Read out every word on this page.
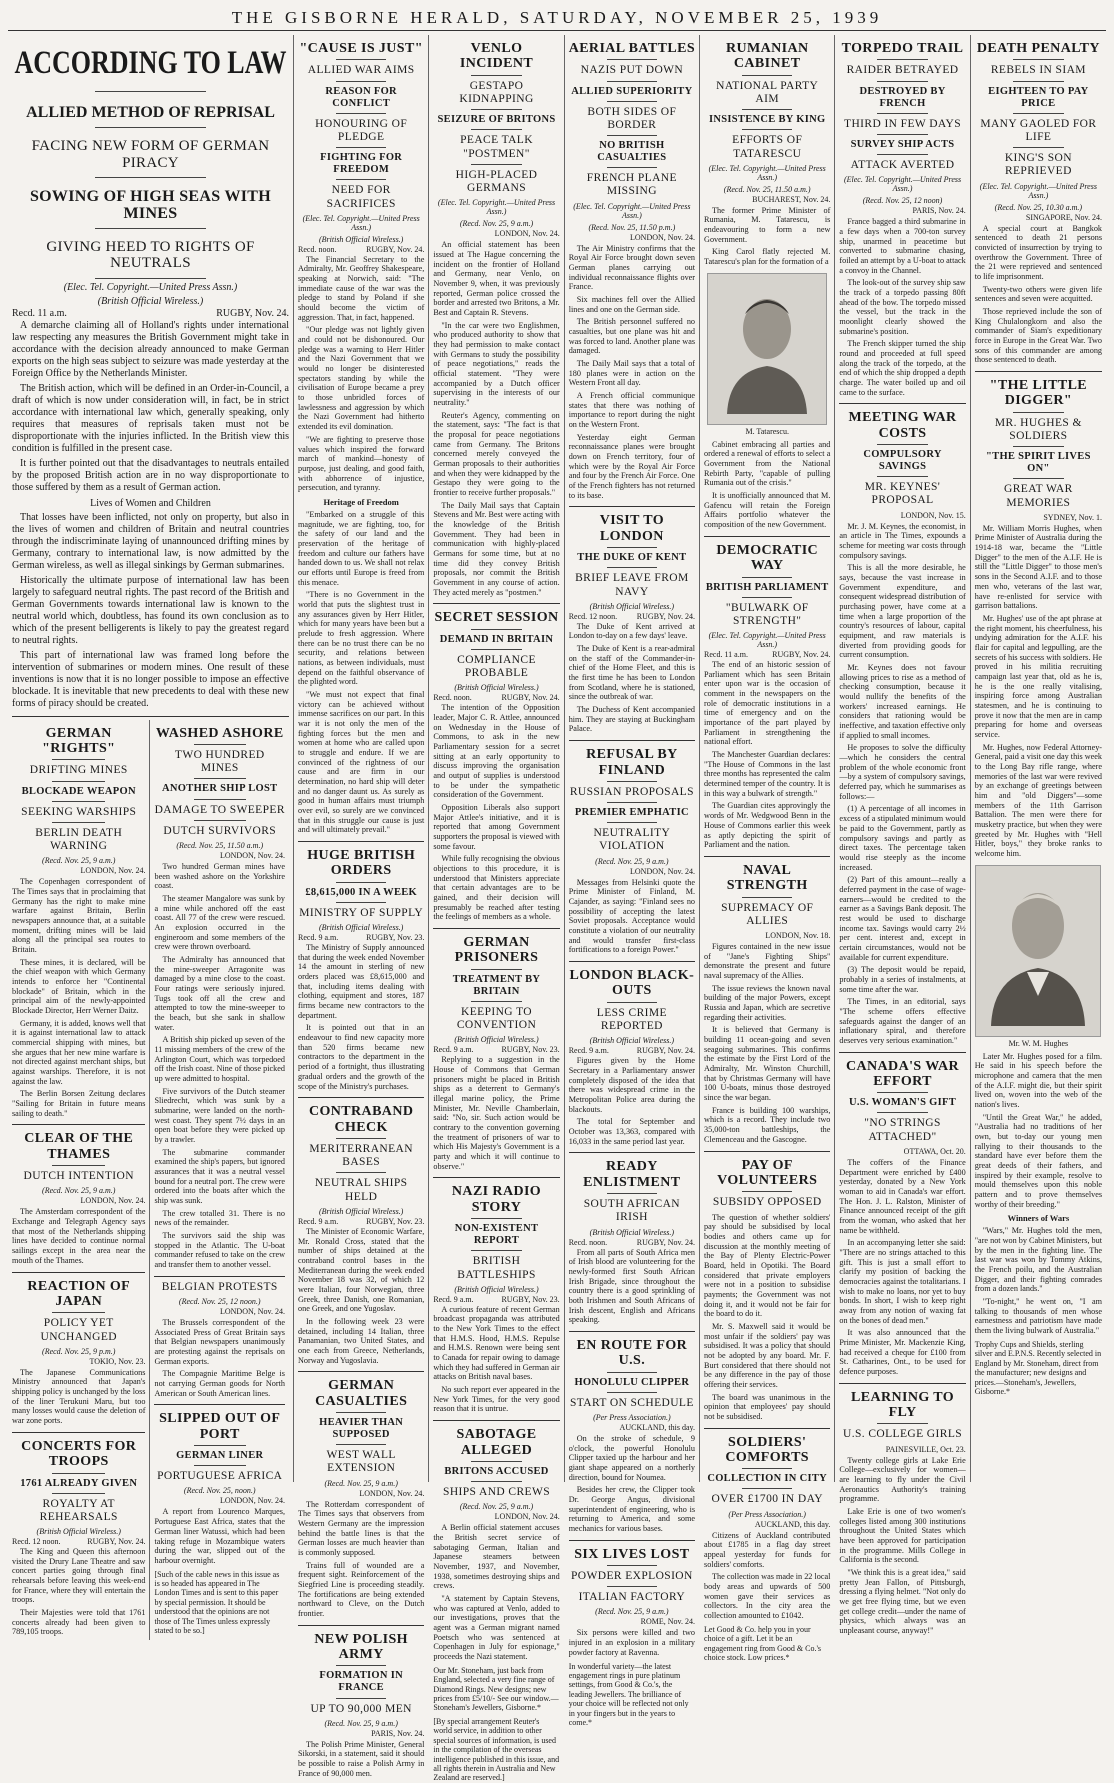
THE GISBORNE HERALD, SATURDAY, NOVEMBER 25, 1939
ACCORDING TO LAW
ALLIED METHOD OF REPRISAL
FACING NEW FORM OF GERMAN PIRACY
SOWING OF HIGH SEAS WITH MINES
GIVING HEED TO RIGHTS OF NEUTRALS
(Elec. Tel. Copyright.—United Press Assn.)
(British Official Wireless.)
Recd. 11 a.m.	RUGBY, Nov. 24.

A demarche claiming all of Holland's rights under international law respecting any measures the British Government might take in accordance with the decision already announced to make German exports on the high seas subject to seizure was made yesterday at the Foreign Office by the Netherlands Minister.

The British action, which will be defined in an Order-in-Council, a draft of which is now under consideration will, in fact, be in strict accordance with international law which, generally speaking, only requires that measures of reprisals taken must not be disproportionate with the injuries inflicted. In the British view this condition is fulfilled in the present case.

It is further pointed out that the disadvantages to neutrals entailed by the proposed British action are in no way disproportionate to those suffered by them as a result of German action.

Lives of Women and Children

That losses have been inflicted, not only on property, but also in the lives of women and children of Britain and neutral countries through the indiscriminate laying of unannounced drifting mines by Germany, contrary to international law, is now admitted by the German wireless, as well as illegal sinkings by German submarines.

Historically the ultimate purpose of international law has been largely to safeguard neutral rights. The past record of the British and German Governments towards international law is known to the neutral world which, doubtless, has found its own conclusion as to which of the present belligerents is likely to pay the greatest regard to neutral rights.

This part of international law was framed long before the intervention of submarines or modern mines. One result of these inventions is now that it is no longer possible to impose an effective blockade. It is inevitable that new precedents to deal with these new forms of piracy should be created.

GERMAN "RIGHTS"
DRIFTING MINES
BLOCKADE WEAPON
SEEKING WARSHIPS
BERLIN DEATH WARNING
(Recd. Nov. 25, 9 a.m.)
LONDON, Nov. 24.

The Copenhagen correspondent of The Times says that in proclaiming that Germany has the right to make mine warfare against Britain, Berlin newspapers announce that, at a suitable moment, drifting mines will be laid along all the principal sea routes to Britain.

These mines, it is declared, will be the chief weapon with which Germany intends to enforce her "Continental blockade" of Britain, which in the principal aim of the newly-appointed Blockade Director, Herr Werner Daitz.

Germany, it is added, knows well that it is against international law to attack commercial shipping with mines, but she argues that her new mine warfare is not directed against merchant ships, but against warships. Therefore, it is not against the law.

The Berlin Borsen Zeitung declares "Sailing for Britain in future means sailing to death."

CLEAR OF THE THAMES
DUTCH INTENTION
(Recd. Nov. 25, 9 a.m.)
LONDON, Nov. 24.

The Amsterdam correspondent of the Exchange and Telegraph Agency says that most of the Netherlands shipping lines have decided to continue normal sailings except in the area near the mouth of the Thames.

REACTION OF JAPAN
POLICY YET UNCHANGED
(Recd. Nov. 25, 9 p.m.)
TOKIO, Nov. 23.

The Japanese Communications Ministry announced that Japan's shipping policy is unchanged by the loss of the liner Terukuni Maru, but too many losses would cause the deletion of war zone ports.

CONCERTS FOR TROOPS
1761 ALREADY GIVEN
ROYALTY AT REHEARSALS
(British Official Wireless.)
Recd. 12 noon.	RUGBY, Nov. 24.

The King and Queen this afternoon visited the Drury Lane Theatre and saw concert parties going through final rehearsals before leaving this week-end for France, where they will entertain the troops.

Their Majesties were told that 1761 concerts already had been given to 789,105 troops.

WASHED ASHORE
TWO HUNDRED MINES
ANOTHER SHIP LOST
DAMAGE TO SWEEPER
DUTCH SURVIVORS
(Recd. Nov. 25, 11.50 a.m.)
LONDON, Nov. 24.

Two hundred German mines have been washed ashore on the Yorkshire coast.

The steamer Mangalore was sunk by a mine while anchored off the east coast. All 77 of the crew were rescued. An explosion occurred in the engineroom and some members of the crew were thrown overboard.

The Admiralty has announced that the mine-sweeper Arragonite was damaged by a mine close to the coast. Four ratings were seriously injured. Tugs took off all the crew and attempted to tow the mine-sweeper to the beach, but she sank in shallow water.

A British ship picked up seven of the 11 missing members of the crew of the Arlington Court, which was torpedoed off the Irish coast. Nine of those picked up were admitted to hospital.

Five survivors of the Dutch steamer Sliedrecht, which was sunk by a submarine, were landed on the north-west coast. They spent 7½ days in an open boat before they were picked up by a trawler.

The submarine commander examined the ship's papers, but ignored assurances that it was a neutral vessel bound for a neutral port. The crew were ordered into the boats after which the ship was sunk.

The crew totalled 31. There is no news of the remainder.

The survivors said the ship was stopped in the Atlantic. The U-boat commander refused to take on the crew and transfer them to another vessel.

BELGIAN PROTESTS
(Recd. Nov. 25, 12 noon.)
LONDON, Nov. 24.

The Brussels correspondent of the Associated Press of Great Britain says that Belgian newspapers unanimously are protesting against the reprisals on German exports.

The Compagnie Maritime Belge is not carrying German goods for North American or South American lines.

SLIPPED OUT OF PORT
GERMAN LINER
PORTUGUESE AFRICA
(Recd. Nov. 25, noon.)
LONDON, Nov. 24.

A report from Lourenco Marques, Portuguese East Africa, states that the German liner Watussi, which had been taking refuge in Mozambique waters during the war, slipped out of the harbour overnight.

[Such of the cable news in this issue as is so headed has appeared in The London Times and is sent to this paper by special permission. It should be understood that the opinions are not those of The Times unless expressly stated to be so.]
"CAUSE IS JUST"
ALLIED WAR AIMS
REASON FOR CONFLICT
HONOURING OF PLEDGE
FIGHTING FOR FREEDOM
NEED FOR SACRIFICES
(Elec. Tel. Copyright.—United Press Assn.)
(British Official Wireless.)
Recd. noon.	RUGBY, Nov. 24.

The Financial Secretary to the Admiralty, Mr. Geoffrey Shakespeare, speaking at Norwich, said: "The immediate cause of the war was the pledge to stand by Poland if she should become the victim of aggression. That, in fact, happened.

"Our pledge was not lightly given and could not be dishonoured. Our pledge was a warning to Herr Hitler and the Nazi Government that we would no longer be disinterested spectators standing by while the civilisation of Europe became a prey to those unbridled forces of lawlessness and aggression by which the Nazi Government had hitherto extended its evil domination.

"We are fighting to preserve those values which inspired the forward march of mankind—honesty of purpose, just dealing, and good faith, with abhorrence of injustice, persecution, and tyranny.

Heritage of Freedom

"Embarked on a struggle of this magnitude, we are fighting, too, for the safety of our land and the preservation of the heritage of freedom and culture our fathers have handed down to us. We shall not relax our efforts until Europe is freed from this menace.

"There is no Government in the world that puts the slightest trust in any assurances given by Herr Hitler, which for many years have been but a prelude to fresh aggression. Where there can be no trust there can be no security, and relations between nations, as between individuals, must depend on the faithful observance of the plighted word.

"We must not expect that final victory can be achieved without immense sacrifices on our part. In this war it is not only the men of the fighting forces but the men and women at home who are called upon to struggle and endure. If we are convinced of the rightness of our cause and are firm in our determination, no hard ship will deter and no danger daunt us. As surely as good in human affairs must triumph over evil, so surely are we convinced that in this struggle our cause is just and will ultimately prevail."

HUGE BRITISH ORDERS
£8,615,000 IN A WEEK
MINISTRY OF SUPPLY
(British Official Wireless.)
Recd. 9 a.m.	RUGBY, Nov. 23.

The Ministry of Supply announced that during the week ended November 14 the amount in sterling of new orders placed was £8,615,000 and that, including items dealing with clothing, equipment and stores, 187 firms became new contractors to the department.

It is pointed out that in an endeavour to find new capacity more than 520 firms became new contractors to the department in the period of a fortnight, thus illustrating gradual orders and the growth of the scope of the Ministry's purchases.

CONTRABAND CHECK
MERITERRANEAN BASES
NEUTRAL SHIPS HELD
(British Official Wireless.)
Recd. 9 a.m.	RUGBY, Nov. 23.

The Minister of Economic Warfare, Mr. Ronald Cross, stated that the number of ships detained at the contraband control bases in the Mediterranean during the week ended November 18 was 32, of which 12 were Italian, four Norwegian, three Greek, three Danish, one Romanian, one Greek, and one Yugoslav.

In the following week 23 were detained, including 14 Italian, three Panamanian, two United States, and one each from Greece, Netherlands, Norway and Yugoslavia.

GERMAN CASUALTIES
HEAVIER THAN SUPPOSED
WEST WALL EXTENSION
(Recd. Nov. 25, 9 a.m.)
LONDON, Nov. 24.

The Rotterdam correspondent of The Times says that observers from Western Germany are the impression behind the battle lines is that the German losses are much heavier than is commonly supposed.

Trains full of wounded are a frequent sight. Reinforcement of the Siegfried Line is proceeding steadily. The fortifications are being extended northward to Cleve, on the Dutch frontier.

NEW POLISH ARMY
FORMATION IN FRANCE
UP TO 90,000 MEN
(Recd. Nov. 25, 9 a.m.)
PARIS, Nov. 24.

The Polish Prime Minister, General Sikorski, in a statement, said it should be possible to raise a Polish Army in France of 90,000 men.

VENLO INCIDENT
GESTAPO KIDNAPPING
SEIZURE OF BRITONS
PEACE TALK "POSTMEN"
HIGH-PLACED GERMANS
(Elec. Tel. Copyright.—United Press Assn.)
(Recd. Nov. 25, 9 a.m.)
LONDON, Nov. 24.

An official statement has been issued at The Hague concerning the incident on the frontier of Holland and Germany, near Venlo, on November 9, when, it was previously reported, German police crossed the border and arrested two Britons, a Mr. Best and Captain R. Stevens.

"In the car were two Englishmen, who produced authority to show that they had permission to make contact with Germans to study the possibility of peace negotiations," reads the official statement. "They were accompanied by a Dutch officer supervising in the interests of our neutrality."

Reuter's Agency, commenting on the statement, says: "The fact is that the proposal for peace negotiations came from Germany. The Britons concerned merely conveyed the German proposals to their authorities and when they were kidnapped by the Gestapo they were going to the frontier to receive further proposals."

The Daily Mail says that Captain Stevens and Mr. Best were acting with the knowledge of the British Government. They had been in communication with highly-placed Germans for some time, but at no time did they convey British proposals, nor commit the British Government in any course of action. They acted merely as "postmen."

SECRET SESSION
DEMAND IN BRITAIN
COMPLIANCE PROBABLE
(British Official Wireless.)
Recd. noon.	RUGBY, Nov. 24.

The intention of the Opposition leader, Major C. R. Attlee, announced on Wednesday in the House of Commons, to ask in the new Parliamentary session for a secret sitting at an early opportunity to discuss improving the organisation and output of supplies is understood to be under the sympathetic consideration of the Government.

Opposition Liberals also support Major Attlee's initiative, and it is reported that among Government supporters the proposal is viewed with some favour.

While fully recognising the obvious objections to this procedure, it is understood that Ministers appreciate that certain advantages are to be gained, and their decision will presumably be reached after testing the feelings of members as a whole.

GERMAN PRISONERS
TREATMENT BY BRITAIN
KEEPING TO CONVENTION
(British Official Wireless.)
Recd. 9 a.m.	RUGBY, Nov. 23.

Replying to a suggestion in the House of Commons that German prisoners might be placed in British ships as a deterrent to Germany's illegal marine policy, the Prime Minister, Mr. Neville Chamberlain, said: "No, sir. Such action would be contrary to the convention governing the treatment of prisoners of war to which His Majesty's Government is a party and which it will continue to observe."

NAZI RADIO STORY
NON-EXISTENT REPORT
BRITISH BATTLESHIPS
(British Official Wireless.)
Recd. 9 a.m.	RUGBY, Nov. 23.

A curious feature of recent German broadcast propaganda was attributed to the New York Times to the effect that H.M.S. Hood, H.M.S. Repulse and H.M.S. Renown were being sent to Canada for repair owing to damage which they had suffered in German air attacks on British naval bases.

No such report ever appeared in the New York Times, for the very good reason that it is untrue.

SABOTAGE ALLEGED
BRITONS ACCUSED
SHIPS AND CREWS
(Recd. Nov. 25, 9 a.m.)
LONDON, Nov. 24.

A Berlin official statement accuses the British secret service of sabotaging German, Italian and Japanese steamers between November, 1937, and November, 1938, sometimes destroying ships and crews.

"A statement by Captain Stevens, who was captured at Venlo, added to our investigations, proves that the agent was a German migrant named Poetsch who was sentenced at Copenhagen in July for espionage," proceeds the Nazi statement.

Our Mr. Stoneham, just back from England, selected a very fine range of Diamond Rings. New designs; new prices from £5/10/- See our window.—Stoneham's Jewellers, Gisborne.*
[By special arrangement Reuter's world service, in addition to other special sources of information, is used in the compilation of the overseas intelligence published in this issue, and all rights therein in Australia and New Zealand are reserved.]
AERIAL BATTLES
NAZIS PUT DOWN
ALLIED SUPERIORITY
BOTH SIDES OF BORDER
NO BRITISH CASUALTIES
FRENCH PLANE MISSING
(Elec. Tel. Copyright.—United Press Assn.)
(Recd. Nov. 25, 11.50 p.m.)
LONDON, Nov. 24.

The Air Ministry confirms that the Royal Air Force brought down seven German planes carrying out individual reconnaissance flights over France.

Six machines fell over the Allied lines and one on the German side.

The British personnel suffered no casualties, but one plane was hit and was forced to land. Another plane was damaged.

The Daily Mail says that a total of 180 planes were in action on the Western Front all day.

A French official communique states that there was nothing of importance to report during the night on the Western Front.

Yesterday eight German reconnaissance planes were brought down on French territory, four of which were by the Royal Air Force and four by the French Air Force. One of the French fighters has not returned to its base.

VISIT TO LONDON
THE DUKE OF KENT
BRIEF LEAVE FROM NAVY
(British Official Wireless.)
Recd. 12 noon. RUGBY, Nov. 24.

The Duke of Kent arrived at London to-day on a few days' leave.

The Duke of Kent is a rear-admiral on the staff of the Commander-in-chief of the Home Fleet, and this is the first time he has been to London from Scotland, where he is stationed, since the outbreak of war.

The Duchess of Kent accompanied him. They are staying at Buckingham Palace.

REFUSAL BY FINLAND
RUSSIAN PROPOSALS
PREMIER EMPHATIC
NEUTRALITY VIOLATION
(Recd. Nov. 25, 9 a.m.)
LONDON, Nov. 24.

Messages from Helsinki quote the Prime Minister of Finland, M. Cajander, as saying: "Finland sees no possibility of accepting the latest Soviet proposals. Acceptance would constitute a violation of our neutrality and would transfer first-class fortifications to a foreign Power."

LONDON BLACK-OUTS
LESS CRIME REPORTED
(British Official Wireless.)
Recd. 9 a.m.	RUGBY, Nov. 24.

Figures given by the Home Secretary in a Parliamentary answer completely disposed of the idea that there was widespread crime in the Metropolitan Police area during the blackouts.

The total for September and October was 13,363, compared with 16,033 in the same period last year.

READY ENLISTMENT
SOUTH AFRICAN IRISH
(British Official Wireless.)
Recd. noon.	RUGBY, Nov. 24.

From all parts of South Africa men of Irish blood are volunteering for the newly-formed first South African Irish Brigade, since throughout the country there is a good sprinkling of both Irishmen and South Africans of Irish descent, English and Africans speaking.

EN ROUTE FOR U.S.
HONOLULU CLIPPER
START ON SCHEDULE
(Per Press Association.)
AUCKLAND, this day.

On the stroke of schedule, 9 o'clock, the powerful Honolulu Clipper taxied up the harbour and her giant shape appeared on a northerly direction, bound for Noumea.

Besides her crew, the Clipper took Dr. George Angus, divisional superintendent of engineering, who is returning to America, and some mechanics for various bases.

SIX LIVES LOST
POWDER EXPLOSION
ITALIAN FACTORY
(Recd. Nov. 25, 9 a.m.)
ROME, Nov. 24.

Six persons were killed and two injured in an explosion in a military powder factory at Ravenna.

In wonderful variety—the latest engagement rings in pure platinum settings, from Good & Co.'s, the leading Jewellers. The brilliance of your choice will be reflected not only in your fingers but in the years to come.*
RUMANIAN CABINET
NATIONAL PARTY AIM
INSISTENCE BY KING
EFFORTS OF TATARESCU
(Elec. Tel. Copyright.—United Press Assn.)
(Recd. Nov. 25, 11.50 a.m.)
BUCHAREST, Nov. 24.

The former Prime Minister of Rumania, M. Tatarescu, is endeavouring to form a new Government.

King Carol flatly rejected M. Tatarescu's plan for the formation of a

M. Tatarescu.

Cabinet embracing all parties and ordered a renewal of efforts to select a Government from the National Rebirth Party, "capable of pulling Rumania out of the crisis."

It is unofficially announced that M. Gafencu will retain the Foreign Affairs portfolio whatever the composition of the new Government.

DEMOCRATIC WAY
BRITISH PARLIAMENT
"BULWARK OF STRENGTH"
(Elec. Tel. Copyright.—United Press Assn.)
Recd. 11 a.m.	RUGBY, Nov. 24.

The end of an historic session of Parliament which has seen Britain enter upon war is the occasion of comment in the newspapers on the role of democratic institutions in a time of emergency and on the importance of the part played by Parliament in strengthening the national effort.

The Manchester Guardian declares: "The House of Commons in the last three months has represented the calm determined temper of the country. It is in this way a bulwark of strength."

The Guardian cites approvingly the words of Mr. Wedgwood Benn in the House of Commons earlier this week as aptly depicting the spirit of Parliament and the nation.

NAVAL STRENGTH
SUPREMACY OF ALLIES
LONDON, Nov. 18.

Figures contained in the new issue of "Jane's Fighting Ships" demonstrate the present and future naval supremacy of the Allies.

The issue reviews the known naval building of the major Powers, except Russia and Japan, which are secretive regarding their activities.

It is believed that Germany is building 11 ocean-going and seven seagoing submarines. This confirms the estimate by the First Lord of the Admiralty, Mr. Winston Churchill, that by Christmas Germany will have 100 U-boats, minus those destroyed since the war began.

France is building 100 warships, which is a record. They include two 35,000-ton battleships, the Clemenceau and the Gascogne.

PAY OF VOLUNTEERS
SUBSIDY OPPOSED

The question of whether soldiers' pay should be subsidised by local bodies and others came up for discussion at the monthly meeting of the Bay of Plenty Electric-Power Board, held in Opotiki. The Board considered that private employers were not in a position to subsidise payments; the Government was not doing it, and it would not be fair for the board to do it.

Mr. S. Maxwell said it would be most unfair if the soldiers' pay was subsidised. It was a policy that should not be adopted by any board. Mr. F. Burt considered that there should not be any difference in the pay of those offering their services.

The board was unanimous in the opinion that employees' pay should not be subsidised.

SOLDIERS' COMFORTS
COLLECTION IN CITY
OVER £1700 IN DAY
(Per Press Association.)
AUCKLAND, this day.

Citizens of Auckland contributed about £1785 in a flag day street appeal yesterday for funds for soldiers' comforts.

The collection was made in 22 local body areas and upwards of 500 women gave their services as collectors. In the city area the collection amounted to £1042.

Let Good & Co. help you in your choice of a gift. Let it be an engagement ring from Good & Co.'s choice stock. Low prices.*
TORPEDO TRAIL
RAIDER BETRAYED
DESTROYED BY FRENCH
THIRD IN FEW DAYS
SURVEY SHIP ACTS
ATTACK AVERTED
(Elec. Tel. Copyright.—United Press Assn.)
(Recd. Nov. 25, 12 noon)
PARIS, Nov. 24.

France bagged a third submarine in a few days when a 700-ton survey ship, unarmed in peacetime but converted to submarine chasing, foiled an attempt by a U-boat to attack a convoy in the Channel.

The look-out of the survey ship saw the track of a torpedo passing 80ft ahead of the bow. The torpedo missed the vessel, but the track in the moonlight clearly showed the submarine's position.

The French skipper turned the ship round and proceeded at full speed along the track of the torpedo, at the end of which the ship dropped a depth charge. The water boiled up and oil came to the surface.

MEETING WAR COSTS
COMPULSORY SAVINGS
MR. KEYNES' PROPOSAL
LONDON, Nov. 15.

Mr. J. M. Keynes, the economist, in an article in The Times, expounds a scheme for meeting war costs through compulsory savings.

This is all the more desirable, he says, because the vast increase in Government expenditure, and consequent widespread distribution of purchasing power, have come at a time when a large proportion of the country's resources of labour, capital equipment, and raw materials is diverted from providing goods for current consumption.

Mr. Keynes does not favour allowing prices to rise as a method of checking consumption, because it would nullify the benefits of the workers' increased earnings. He considers that rationing would be ineffective, and taxation effective only if applied to small incomes.

He proposes to solve the difficulty—which he considers the central problem of the whole economic front—by a system of compulsory savings, deferred pay, which he summarises as follows:—

(1) A percentage of all incomes in excess of a stipulated minimum would be paid to the Government, partly as compulsory savings and partly as direct taxes. The percentage taken would rise steeply as the income increased.

(2) Part of this amount—really a deferred payment in the case of wage-earners—would be credited to the earner as a Savings Bank deposit. The rest would be used to discharge income tax. Savings would carry 2½ per cent. interest and, except in certain circumstances, would not be available for current expenditure.

(3) The deposit would be repaid, probably in a series of instalments, at some time after the war.

The Times, in an editorial, says "The scheme offers effective safeguards against the danger of an inflationary spiral, and therefore deserves very serious examination."

CANADA'S WAR EFFORT
U.S. WOMAN'S GIFT
"NO STRINGS ATTACHED"
OTTAWA, Oct. 20.

The coffers of the Finance Department were enriched by £400 yesterday, donated by a New York woman to aid in Canada's war effort. The Hon. J. L. Ralston, Minister of Finance announced receipt of the gift from the woman, who asked that her name be withheld.

In an accompanying letter she said: "There are no strings attached to this gift. This is just a small effort to clarify my position of backing the democracies against the totalitarians. I wish to make no loans, nor yet to buy bonds. In short, I wish to keep right away from any notion of waxing fat on the bones of dead men."

It was also announced that the Prime Minister, Mr. Mackenzie King, had received a cheque for £100 from St. Catharines, Ont., to be used for defence purposes.

LEARNING TO FLY
U.S. COLLEGE GIRLS
PAINESVILLE, Oct. 23.

Twenty college girls at Lake Erie College—exclusively for women—are learning to fly under the Civil Aeronautics Authority's training programme.

Lake Erie is one of two women's colleges listed among 300 institutions throughout the United States which have been approved for participation in the programme. Mills College in California is the second.

"We think this is a great idea," said pretty Jean Fallon, of Pittsburgh, dressing a flying helmet. "Not only do we get free flying time, but we even get college credit—under the name of physics, which always was an unpleasant course, anyway!"

DEATH PENALTY
REBELS IN SIAM
EIGHTEEN TO PAY PRICE
MANY GAOLED FOR LIFE
KING'S SON REPRIEVED
(Elec. Tel. Copyright.—United Press Assn.)
(Recd. Nov. 25, 10.30 a.m.)
SINGAPORE, Nov. 24.

A special court at Bangkok sentenced to death 21 persons convicted of insurrection by trying to overthrow the Government. Three of the 21 were reprieved and sentenced to life imprisonment.

Twenty-two others were given life sentences and seven were acquitted.

Those reprieved include the son of King Chulalongkorn and also the commander of Siam's expeditionary force in Europe in the Great War. Two sons of this commander are among those sentenced to death.

"THE LITTLE DIGGER"
MR. HUGHES & SOLDIERS
"THE SPIRIT LIVES ON"
GREAT WAR MEMORIES
SYDNEY, Nov. 1.

Mr. William Morris Hughes, when Prime Minister of Australia during the 1914-18 war, became the "Little Digger" to the men of the A.I.F. He is still the "Little Digger" to those men's sons in the Second A.I.F. and to those men who, veterans of the last war, have re-enlisted for service with garrison battalions.

Mr. Hughes' use of the apt phrase at the right moment, his cheerfulness, his undying admiration for the A.I.F. his flair for capital and legpulling, are the secrets of his success with soldiers. He proved in his militia recruiting campaign last year that, old as he is, he is the one really vitalising, inspiring force among Australian statesmen, and he is continuing to prove it now that the men are in camp preparing for home and overseas service.

Mr. Hughes, now Federal Attorney-General, paid a visit one day this week to the Long Bay rifle range, where memories of the last war were revived by an exchange of greetings between him and "old Diggers"—some members of the 11th Garrison Battalion. The men were there for musketry practice, but when they were greeted by Mr. Hughes with "Hell Hitler, boys," they broke ranks to welcome him.

Mr. W. M. Hughes

Later Mr. Hughes posed for a film. He said in his speech before the microphone and camera that the men of the A.I.F. might die, but their spirit lived on, woven into the web of the nation's lives.

"Until the Great War," he added, "Australia had no traditions of her own, but to-day our young men rallying to their thousands to the standard have ever before them the great deeds of their fathers, and inspired by their example, resolve to mould themselves upon this noble pattern and to prove themselves worthy of their breeding."

Winners of Wars

"Wars," Mr. Hughes told the men, "are not won by Cabinet Ministers, but by the men in the fighting line. The last war was won by Tommy Atkins, the French poilu, and the Australian Digger, and their fighting comrades from a dozen lands."

"To-night," he went on, "I am talking to thousands of men whose earnestness and patriotism have made them the living bulwark of Australia."

Trophy Cups and Shields, sterling silver and E.P.N.S. Recently selected in England by Mr. Stoneham, direct from the manufacturer; new designs and prices.—Stoneham's, Jewellers, Gisborne.*
